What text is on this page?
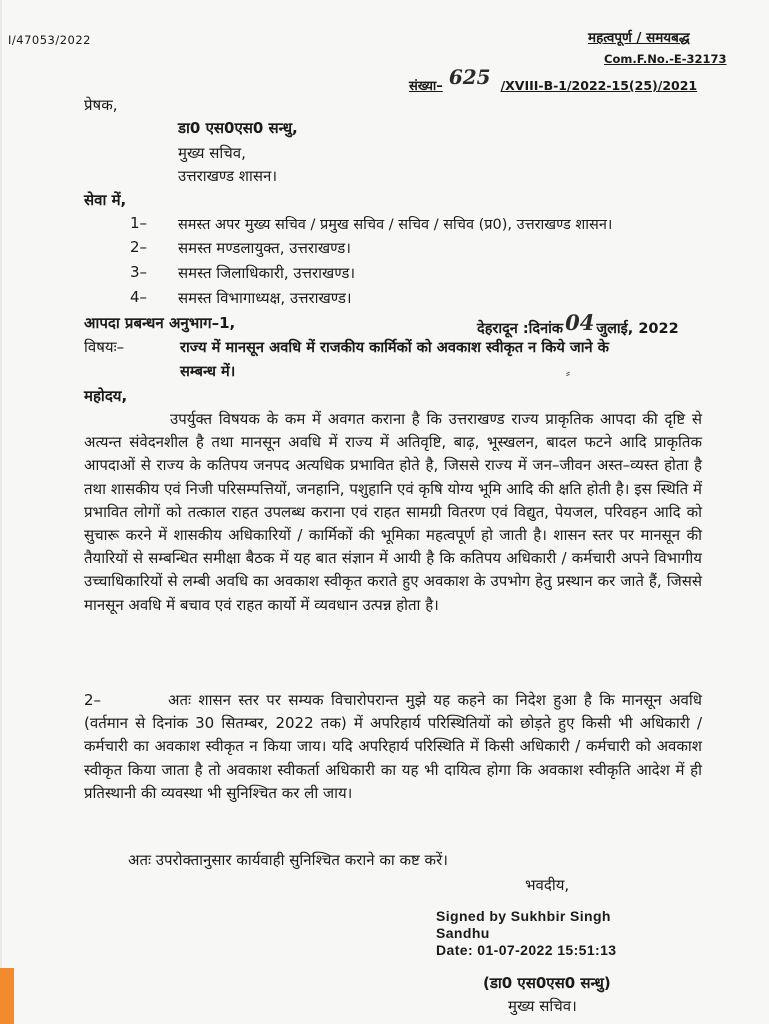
I/47053/2022	महत्वपूर्ण / समयबद्ध
Com.F.No.-E-32173
संख्या– 625 /XVIII-B-1/2022-15(25)/2021
प्रेषक,
डा0 एस0एस0 सन्धु,
मुख्य सचिव,
उत्तराखण्ड शासन।
सेवा में,
1– समस्त अपर मुख्य सचिव / प्रमुख सचिव / सचिव / सचिव (प्र0), उत्तराखण्ड शासन।
2– समस्त मण्डलायुक्त, उत्तराखण्ड।
3– समस्त जिलाधिकारी, उत्तराखण्ड।
4– समस्त विभागाध्यक्ष, उत्तराखण्ड।
आपदा प्रबन्धन अनुभाग–1,	देहरादून :दिनांक04 जुलाई, 2022
विषयः–	राज्य में मानसून अवधि में राजकीय कार्मिकों को अवकाश स्वीकृत न किये जाने के
सम्बन्ध में।	⸗
महोदय,
उपर्युक्त विषयक के कम में अवगत कराना है कि उत्तराखण्ड राज्य प्राकृतिक आपदा की दृष्टि से अत्यन्त संवेदनशील है तथा मानसून अवधि में राज्य में अतिवृष्टि, बाढ़, भूस्खलन, बादल फटने आदि प्राकृतिक आपदाओं से राज्य के कतिपय जनपद अत्यधिक प्रभावित होते है, जिससे राज्य में जन–जीवन अस्त–व्यस्त होता है तथा शासकीय एवं निजी परिसम्पत्तियों, जनहानि, पशुहानि एवं कृषि योग्य भूमि आदि की क्षति होती है। इस स्थिति में प्रभावित लोगों को तत्काल राहत उपलब्ध कराना एवं राहत सामग्री वितरण एवं विद्युत, पेयजल, परिवहन आदि को सुचारू करने में शासकीय अधिकारियों / कार्मिकों की भूमिका महत्वपूर्ण हो जाती है। शासन स्तर पर मानसून की तैयारियों से सम्बन्धित समीक्षा बैठक में यह बात संज्ञान में आयी है कि कतिपय अधिकारी / कर्मचारी अपने विभागीय उच्चाधिकारियों से लम्बी अवधि का अवकाश स्वीकृत कराते हुए अवकाश के उपभोग हेतु प्रस्थान कर जाते हैं, जिससे मानसून अवधि में बचाव एवं राहत कार्यो में व्यवधान उत्पन्न होता है।
2–	अतः शासन स्तर पर सम्यक विचारोपरान्त मुझे यह कहने का निदेश हुआ है कि मानसून अवधि (वर्तमान से दिनांक 30 सितम्बर, 2022 तक) में अपरिहार्य परिस्थितियों को छोड़ते हुए किसी भी अधिकारी / कर्मचारी का अवकाश स्वीकृत न किया जाय। यदि अपरिहार्य परिस्थिति में किसी अधिकारी / कर्मचारी को अवकाश स्वीकृत किया जाता है तो अवकाश स्वीकर्ता अधिकारी का यह भी दायित्व होगा कि अवकाश स्वीकृति आदेश में ही प्रतिस्थानी की व्यवस्था भी सुनिश्चित कर ली जाय।
अतः उपरोक्तानुसार कार्यवाही सुनिश्चित कराने का कष्ट करें।
भवदीय,
Signed by Sukhbir Singh
Sandhu
Date: 01-07-2022 15:51:13
(डा0 एस0एस0 सन्धु)
मुख्य सचिव।
